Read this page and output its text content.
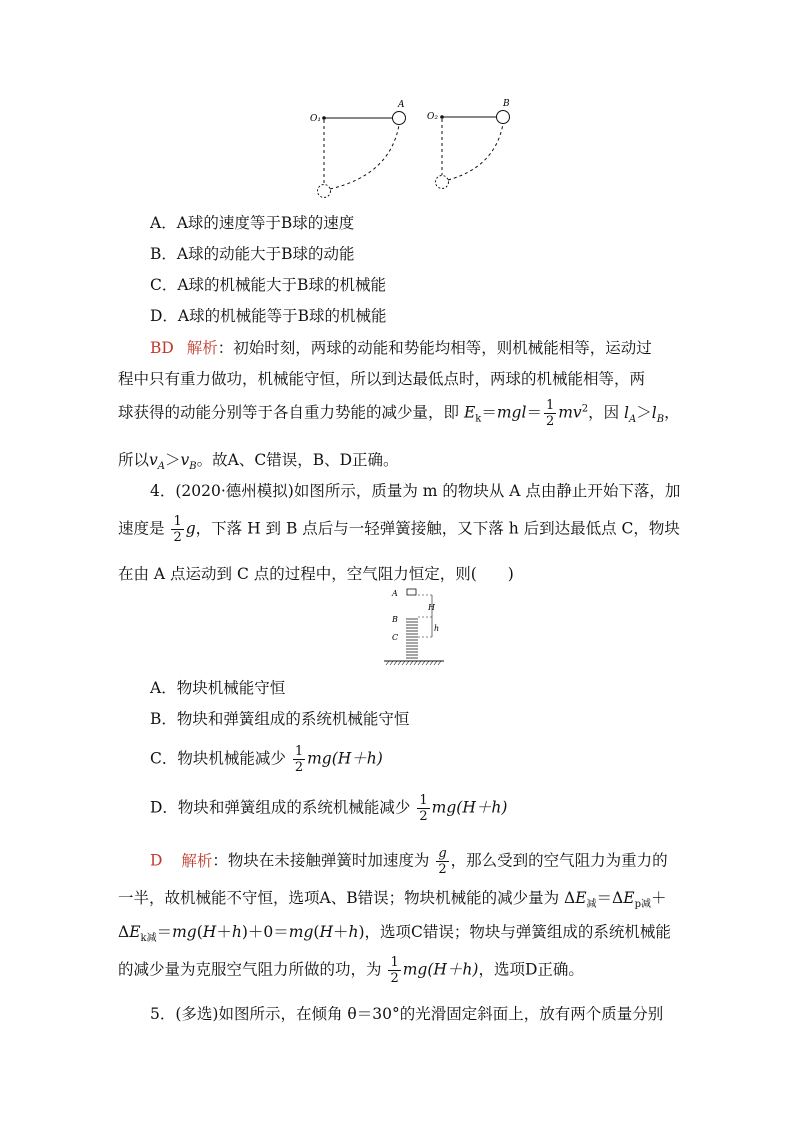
O₁
A
O₂
B
A．A球的速度等于B球的速度
B．A球的动能大于B球的动能
C．A球的机械能大于B球的机械能
D．A球的机械能等于B球的机械能
BD 解析：初始时刻，两球的动能和势能均相等，则机械能相等，运动过
程中只有重力做功，机械能守恒，所以到达最低点时，两球的机械能相等，两
球获得的动能分别等于各自重力势能的减少量，即 $E_k=mgl= \frac{1}{2} mv^2$，因 $l_A>l_B$，
所以$v_A>v_B$。故A、C错误，B、D正确。
4．(2020·德州模拟)如图所示，质量为 m 的物块从 A 点由静止开始下落，加
速度是 $\frac{1}{2}$ g，下落 H 到 B 点后与一轻弹簧接触，又下落 h 后到达最低点 C，物块
在由 A 点运动到 C 点的过程中，空气阻力恒定，则(　　)
A
B
C
H
h
A．物块机械能守恒
B．物块和弹簧组成的系统机械能守恒
C．物块机械能减少 $\frac{1}{2} mg(H+h)$
D．物块和弹簧组成的系统机械能减少 $\frac{1}{2} mg(H+h)$
D 解析：物块在未接触弹簧时加速度为 $\frac{g}{2}$ ，那么受到的空气阻力为重力的
一半，故机械能不守恒，选项A、B错误；物块机械能的减少量为 $\Delta E_减=\Delta E_{p减}+$
$\Delta E_{k减}=mg(H+h)+0=mg(H+h)$，选项C错误；物块与弹簧组成的系统机械能
的减少量为克服空气阻力所做的功，为 $\frac{1}{2} mg(H+h)$，选项D正确。
5．(多选)如图所示，在倾角 θ＝30°的光滑固定斜面上，放有两个质量分别
